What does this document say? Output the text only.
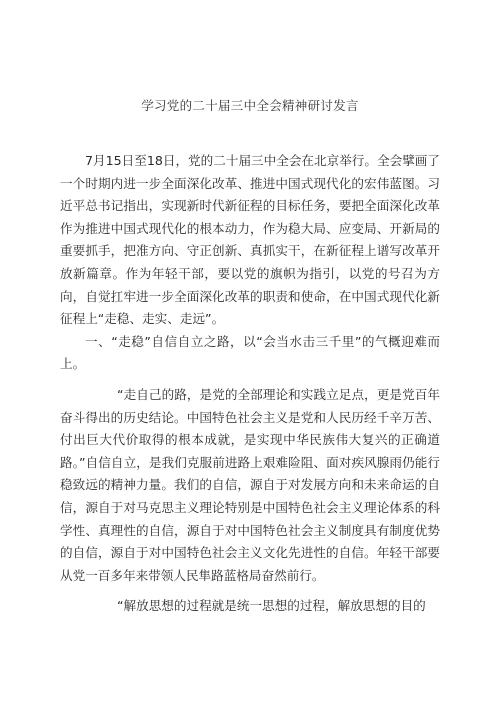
学习党的二十届三中全会精神研讨发言

7月15日至18日，党的二十届三中全会在北京举行。全会擘画了一个时期内进一步全面深化改革、推进中国式现代化的宏伟蓝图。习近平总书记指出，实现新时代新征程的目标任务，要把全面深化改革作为推进中国式现代化的根本动力，作为稳大局、应变局、开新局的重要抓手，把准方向、守正创新、真抓实干，在新征程上谱写改革开放新篇章。作为年轻干部，要以党的旗帜为指引，以党的号召为方向，自觉扛牢进一步全面深化改革的职责和使命，在中国式现代化新征程上“走稳、走实、走远”。

一、“走稳”自信自立之路，以“会当水击三千里”的气概迎难而上。

“走自己的路，是党的全部理论和实践立足点，更是党百年奋斗得出的历史结论。中国特色社会主义是党和人民历经千辛万苦、付出巨大代价取得的根本成就，是实现中华民族伟大复兴的正确道路。”自信自立，是我们克服前进路上艰难险阻、面对疾风腺雨仍能行稳致远的精神力量。我们的自信，源自于对发展方向和未来命运的自信，源自于对马克思主义理论特别是中国特色社会主义理论体系的科学性、真理性的自信，源自于对中国特色社会主义制度具有制度优势的自信，源自于对中国特色社会主义文化先进性的自信。年轻干部要从党一百多年来带领人民隼路蓝格局奋然前行。

“解放思想的过程就是统一思想的过程，解放思想的目的
